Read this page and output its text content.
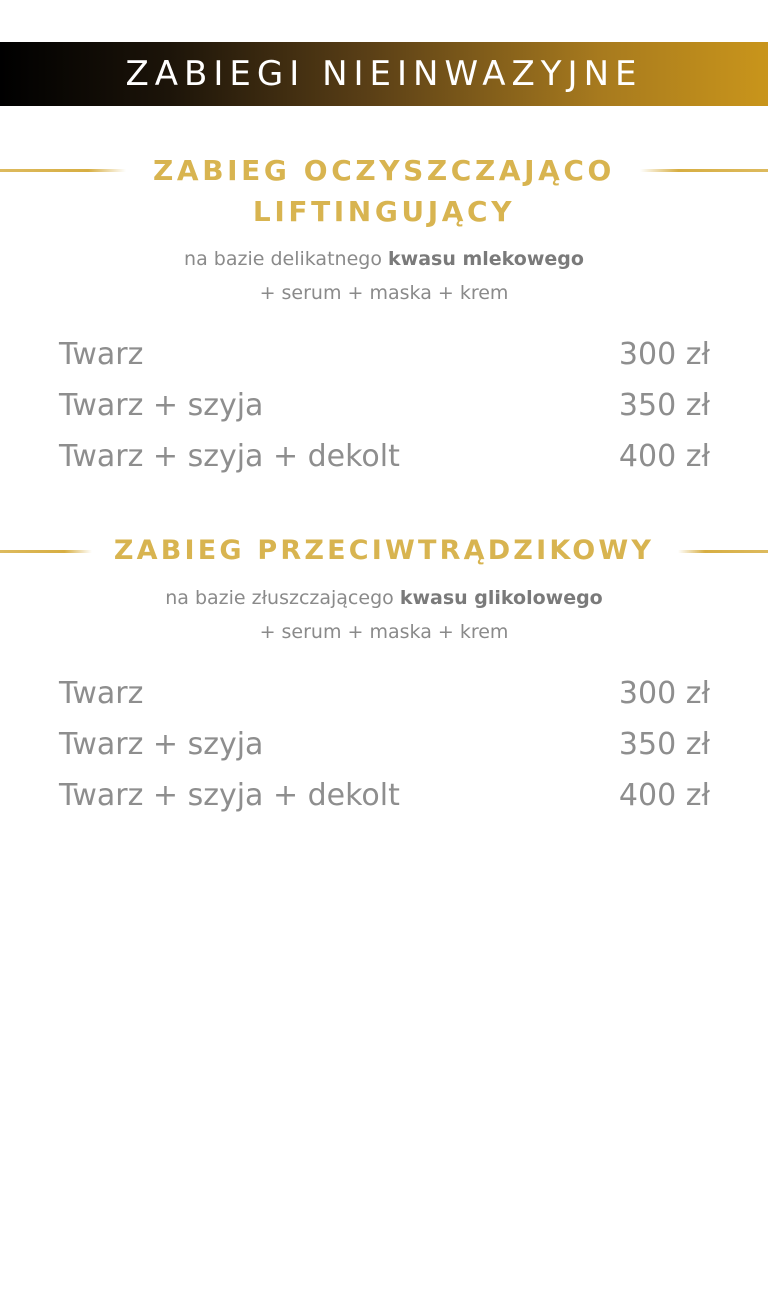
ZABIEGI NIEINWAZYJNE
ZABIEG OCZYSZCZAJĄCO LIFTINGUJĄCY
na bazie delikatnego kwasu mlekowego
+ serum + maska + krem
Twarz	300 zł
Twarz + szyja	350 zł
Twarz + szyja + dekolt	400 zł
ZABIEG PRZECIWTRĄDZIKOWY
na bazie złuszczającego kwasu glikolowego
+ serum + maska + krem
Twarz	300 zł
Twarz + szyja	350 zł
Twarz + szyja + dekolt	400 zł
